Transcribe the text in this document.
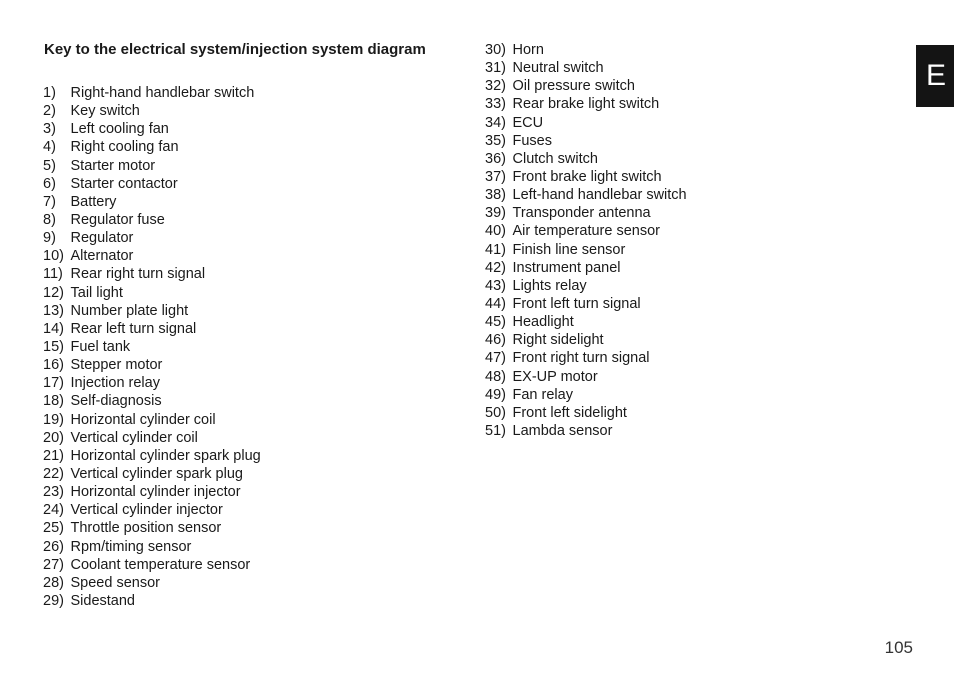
Key to the electrical system/injection system diagram
1)	Right-hand handlebar switch
2)	Key switch
3)	Left cooling fan
4)	Right cooling fan
5)	Starter motor
6)	Starter contactor
7)	Battery
8)	Regulator fuse
9)	Regulator
10) Alternator
11) Rear right turn signal
12) Tail light
13) Number plate light
14) Rear left turn signal
15) Fuel tank
16) Stepper motor
17) Injection relay
18) Self-diagnosis
19) Horizontal cylinder coil
20) Vertical cylinder coil
21) Horizontal cylinder spark plug
22) Vertical cylinder spark plug
23) Horizontal cylinder injector
24) Vertical cylinder injector
25) Throttle position sensor
26) Rpm/timing sensor
27) Coolant temperature sensor
28) Speed sensor
29) Sidestand
30) Horn
31) Neutral switch
32) Oil pressure switch
33) Rear brake light switch
34) ECU
35) Fuses
36) Clutch switch
37) Front brake light switch
38) Left-hand handlebar switch
39) Transponder antenna
40) Air temperature sensor
41) Finish line sensor
42) Instrument panel
43) Lights relay
44) Front left turn signal
45) Headlight
46) Right sidelight
47) Front right turn signal
48) EX-UP motor
49) Fan relay
50) Front left sidelight
51) Lambda sensor
E
105
